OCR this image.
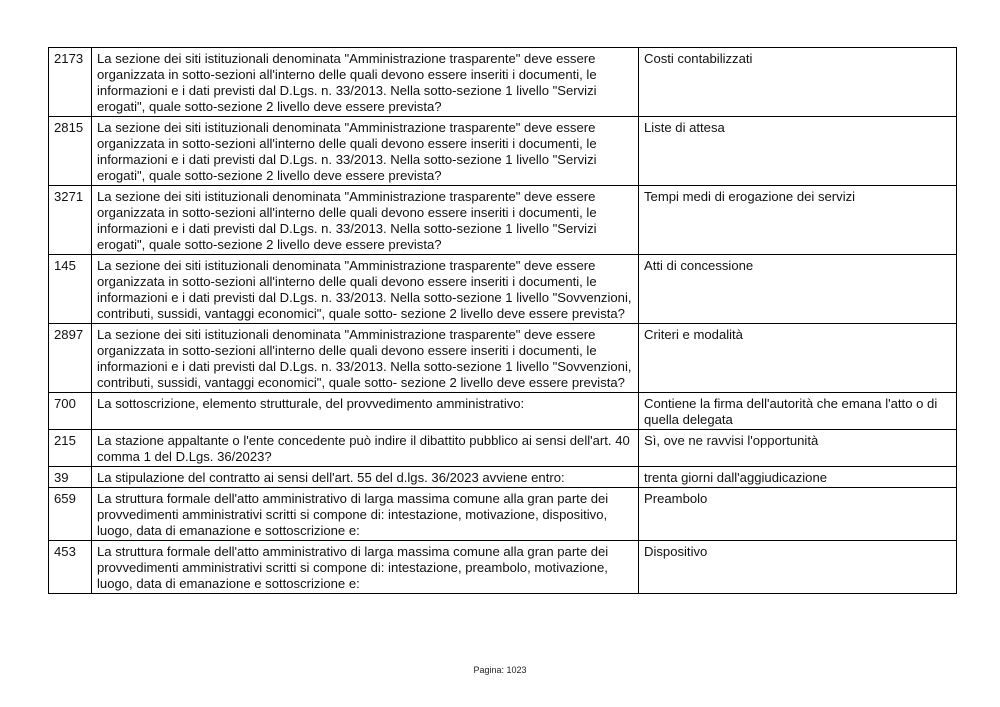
2173	La sezione dei siti istituzionali denominata "Amministrazione trasparente" deve essere organizzata in sotto-sezioni all'interno delle quali devono essere inseriti i documenti, le informazioni e i dati previsti dal D.Lgs. n. 33/2013. Nella sotto-sezione 1 livello "Servizi erogati", quale sotto-sezione 2 livello deve essere prevista?	Costi contabilizzati
2815	La sezione dei siti istituzionali denominata "Amministrazione trasparente" deve essere organizzata in sotto-sezioni all'interno delle quali devono essere inseriti i documenti, le informazioni e i dati previsti dal D.Lgs. n. 33/2013. Nella sotto-sezione 1 livello "Servizi erogati", quale sotto-sezione 2 livello deve essere prevista?	Liste di attesa
3271	La sezione dei siti istituzionali denominata "Amministrazione trasparente" deve essere organizzata in sotto-sezioni all'interno delle quali devono essere inseriti i documenti, le informazioni e i dati previsti dal D.Lgs. n. 33/2013. Nella sotto-sezione 1 livello "Servizi erogati", quale sotto-sezione 2 livello deve essere prevista?	Tempi medi di erogazione dei servizi
145	La sezione dei siti istituzionali denominata "Amministrazione trasparente" deve essere organizzata in sotto-sezioni all'interno delle quali devono essere inseriti i documenti, le informazioni e i dati previsti dal D.Lgs. n. 33/2013. Nella sotto-sezione 1 livello "Sovvenzioni, contributi, sussidi, vantaggi economici", quale sotto- sezione 2 livello deve essere prevista?	Atti di concessione
2897	La sezione dei siti istituzionali denominata "Amministrazione trasparente" deve essere organizzata in sotto-sezioni all'interno delle quali devono essere inseriti i documenti, le informazioni e i dati previsti dal D.Lgs. n. 33/2013. Nella sotto-sezione 1 livello "Sovvenzioni, contributi, sussidi, vantaggi economici", quale sotto- sezione 2 livello deve essere prevista?	Criteri e modalità
700	La sottoscrizione, elemento strutturale, del provvedimento amministrativo:	Contiene la firma dell'autorità che emana l'atto o di quella delegata
215	La stazione appaltante o l'ente concedente può indire il dibattito pubblico ai sensi dell'art. 40 comma 1 del D.Lgs. 36/2023?	Sì, ove ne ravvisi l'opportunità
39	La stipulazione del contratto ai sensi dell'art. 55 del d.lgs. 36/2023 avviene entro:	trenta giorni dall'aggiudicazione
659	La struttura formale dell'atto amministrativo di larga massima comune alla gran parte dei provvedimenti amministrativi scritti si compone di: intestazione, motivazione, dispositivo, luogo, data di emanazione e sottoscrizione e:	Preambolo
453	La struttura formale dell'atto amministrativo di larga massima comune alla gran parte dei provvedimenti amministrativi scritti si compone di: intestazione, preambolo, motivazione, luogo, data di emanazione e sottoscrizione e:	Dispositivo
Pagina: 1023
